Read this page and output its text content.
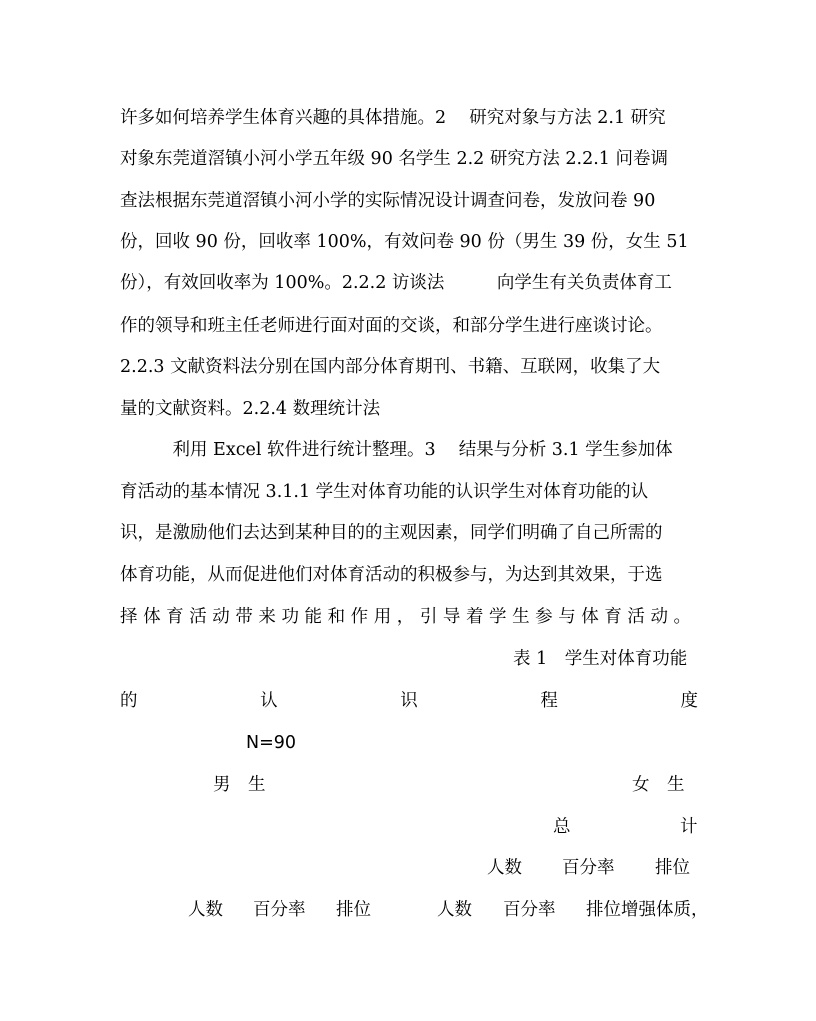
许多如何培养学生体育兴趣的具体措施。2　 研究对象与方法 2.1 研究
对象东莞道滘镇小河小学五年级 90 名学生 2.2 研究方法 2.2.1 问卷调
查法根据东莞道滘镇小河小学的实际情况设计调查问卷，发放问卷 90
份，回收 90 份，回收率 100%，有效问卷 90 份（男生 39 份，女生 51
份），有效回收率为 100%。2.2.2 访谈法　　　向学生有关负责体育工
作的领导和班主任老师进行面对面的交谈，和部分学生进行座谈讨论。
2.2.3 文献资料法分别在国内部分体育期刊、书籍、互联网，收集了大
量的文献资料。2.2.4 数理统计法
　　　利用 Excel 软件进行统计整理。3　 结果与分析 3.1 学生参加体
育活动的基本情况 3.1.1 学生对体育功能的认识学生对体育功能的认
识，是激励他们去达到某种目的的主观因素，同学们明确了自己所需的
体育功能，从而促进他们对体育活动的积极参与，为达到其效果，于选
择 体 育 活 动 带 来 功 能 和 作 用 ， 引 导 着 学 生 参 与 体 育 活 动 。
表 1　学生对体育功能
的	认	识	程	度
N=90
男　生	女　生
总	计
人数 百分率 排位
人数 百分率 排位	人数 百分率 排位增强体质，
